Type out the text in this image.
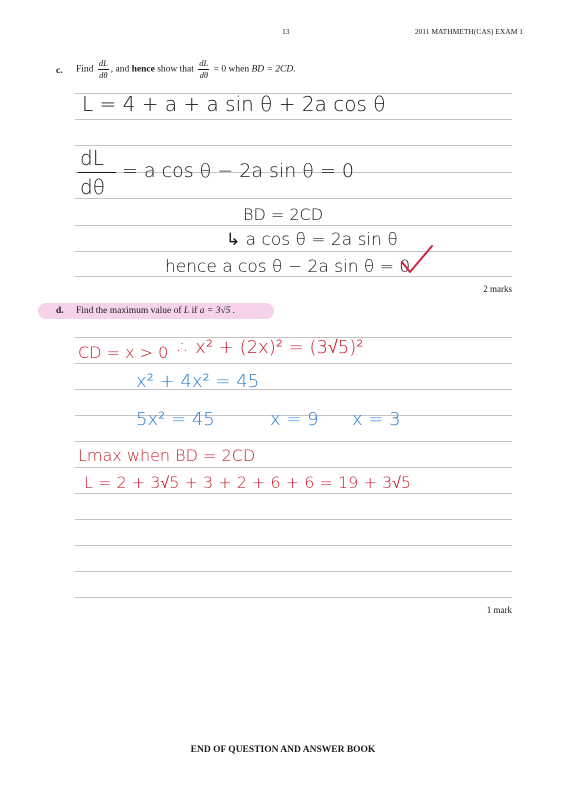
13	2011 MATHMETH(CAS) EXAM 1
c. Find $\frac{dL}{d\theta}$ , and hence show that $\frac{dL}{d\theta} = 0$ when BD = 2CD.
L = 4 + a + a sin θ + 2a cos θ
dL
dθ
= a cos θ − 2a sin θ = 0
BD = 2CD
↳ a cos θ = 2a sin θ
hence a cos θ − 2a sin θ = 0
2 marks
d. Find the maximum value of L if a = 3√5 .
CD = x > 0 ∴ x² + (2x)² = (3√5)²
x² + 4x² = 45
5x² = 45	x = 9 x = 3
Lmax when BD = 2CD
L = 2 + 3√5 + 3 + 2 + 6 + 6 = 19 + 3√5
1 mark
END OF QUESTION AND ANSWER BOOK
